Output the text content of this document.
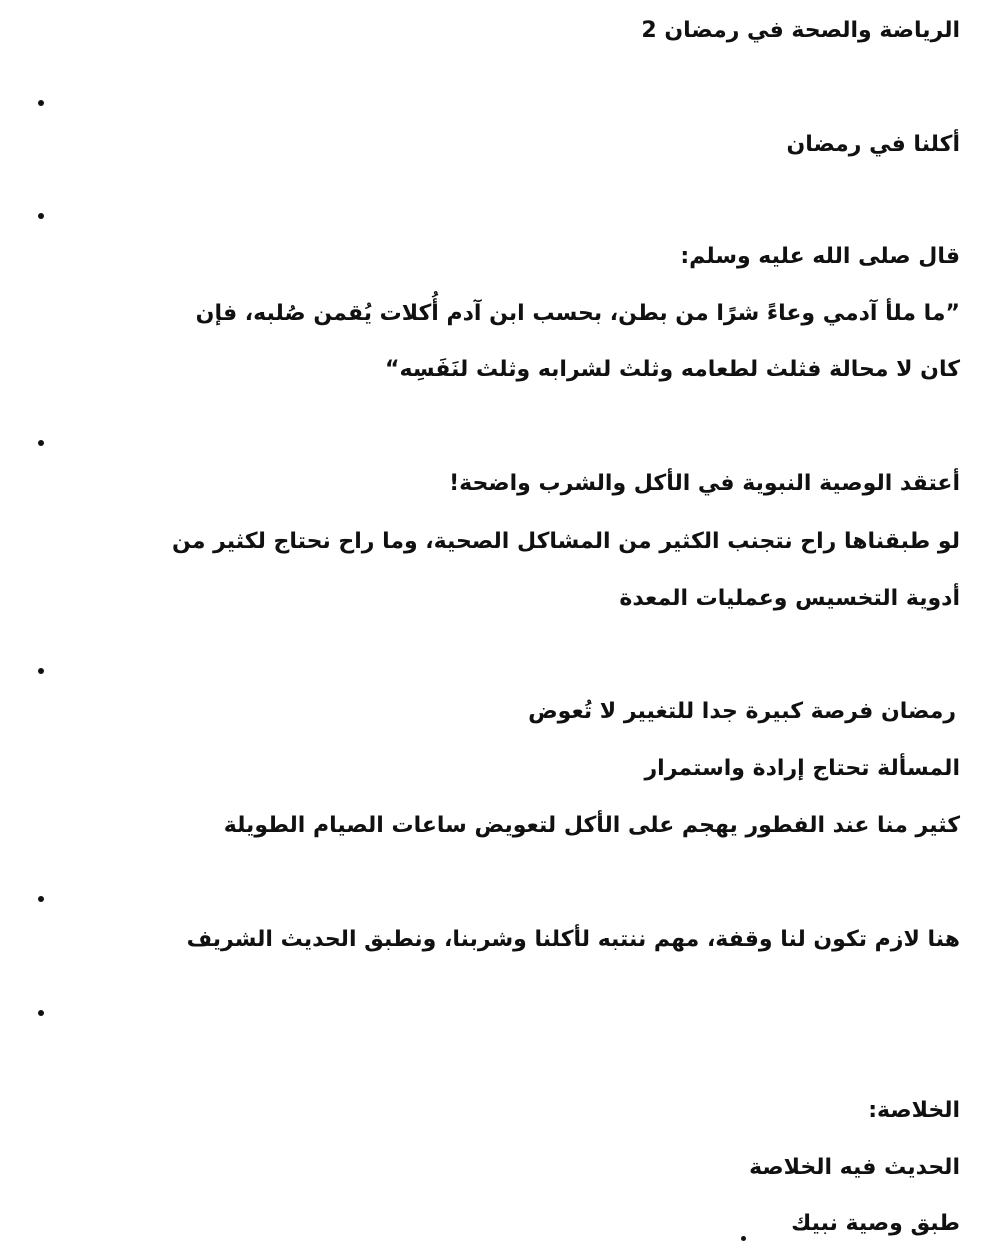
الرياضة والصحة في رمضان 2
أكلنا في رمضان
قال صلى الله عليه وسلم:
”ما ملأ آدمي وعاءً شرًا من بطن، بحسب ابن آدم أُكلات يُقمن صُلبه، فإن
كان لا محالة فثلث لطعامه وثلث لشرابه وثلث لنَفَسِه“
أعتقد الوصية النبوية في الأكل والشرب واضحة!
لو طبقناها راح نتجنب الكثير من المشاكل الصحية، وما راح نحتاج لكثير من
أدوية التخسيس وعمليات المعدة
رمضان فرصة كبيرة جدا للتغيير لا تُعوض
المسألة تحتاج إرادة واستمرار
كثير منا عند الفطور يهجم على الأكل لتعويض ساعات الصيام الطويلة
هنا لازم تكون لنا وقفة، مهم ننتبه لأكلنا وشربنا، ونطبق الحديث الشريف
الخلاصة:
الحديث فيه الخلاصة
طبق وصية نبيك
